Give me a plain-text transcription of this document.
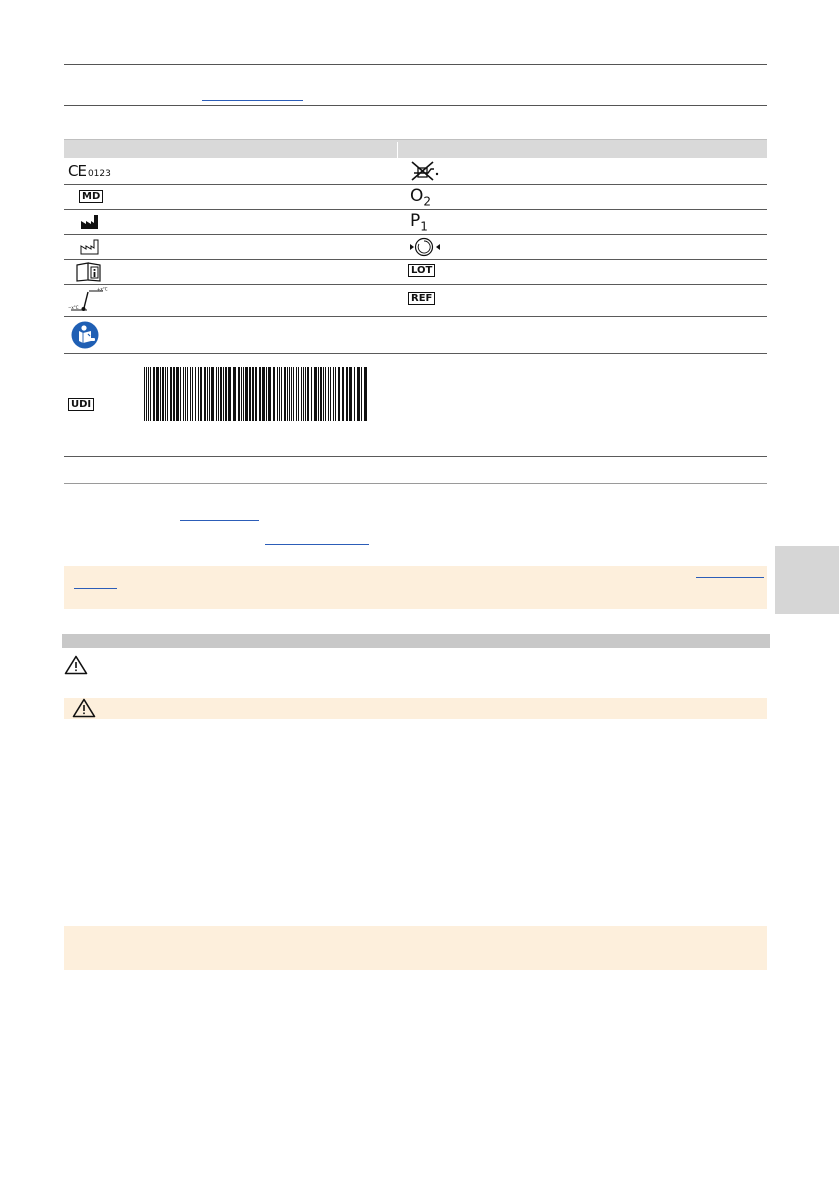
CE 0123
MD	$O_2$
$P_1$
LOT
−x°C
+x°C
REF
UDI
